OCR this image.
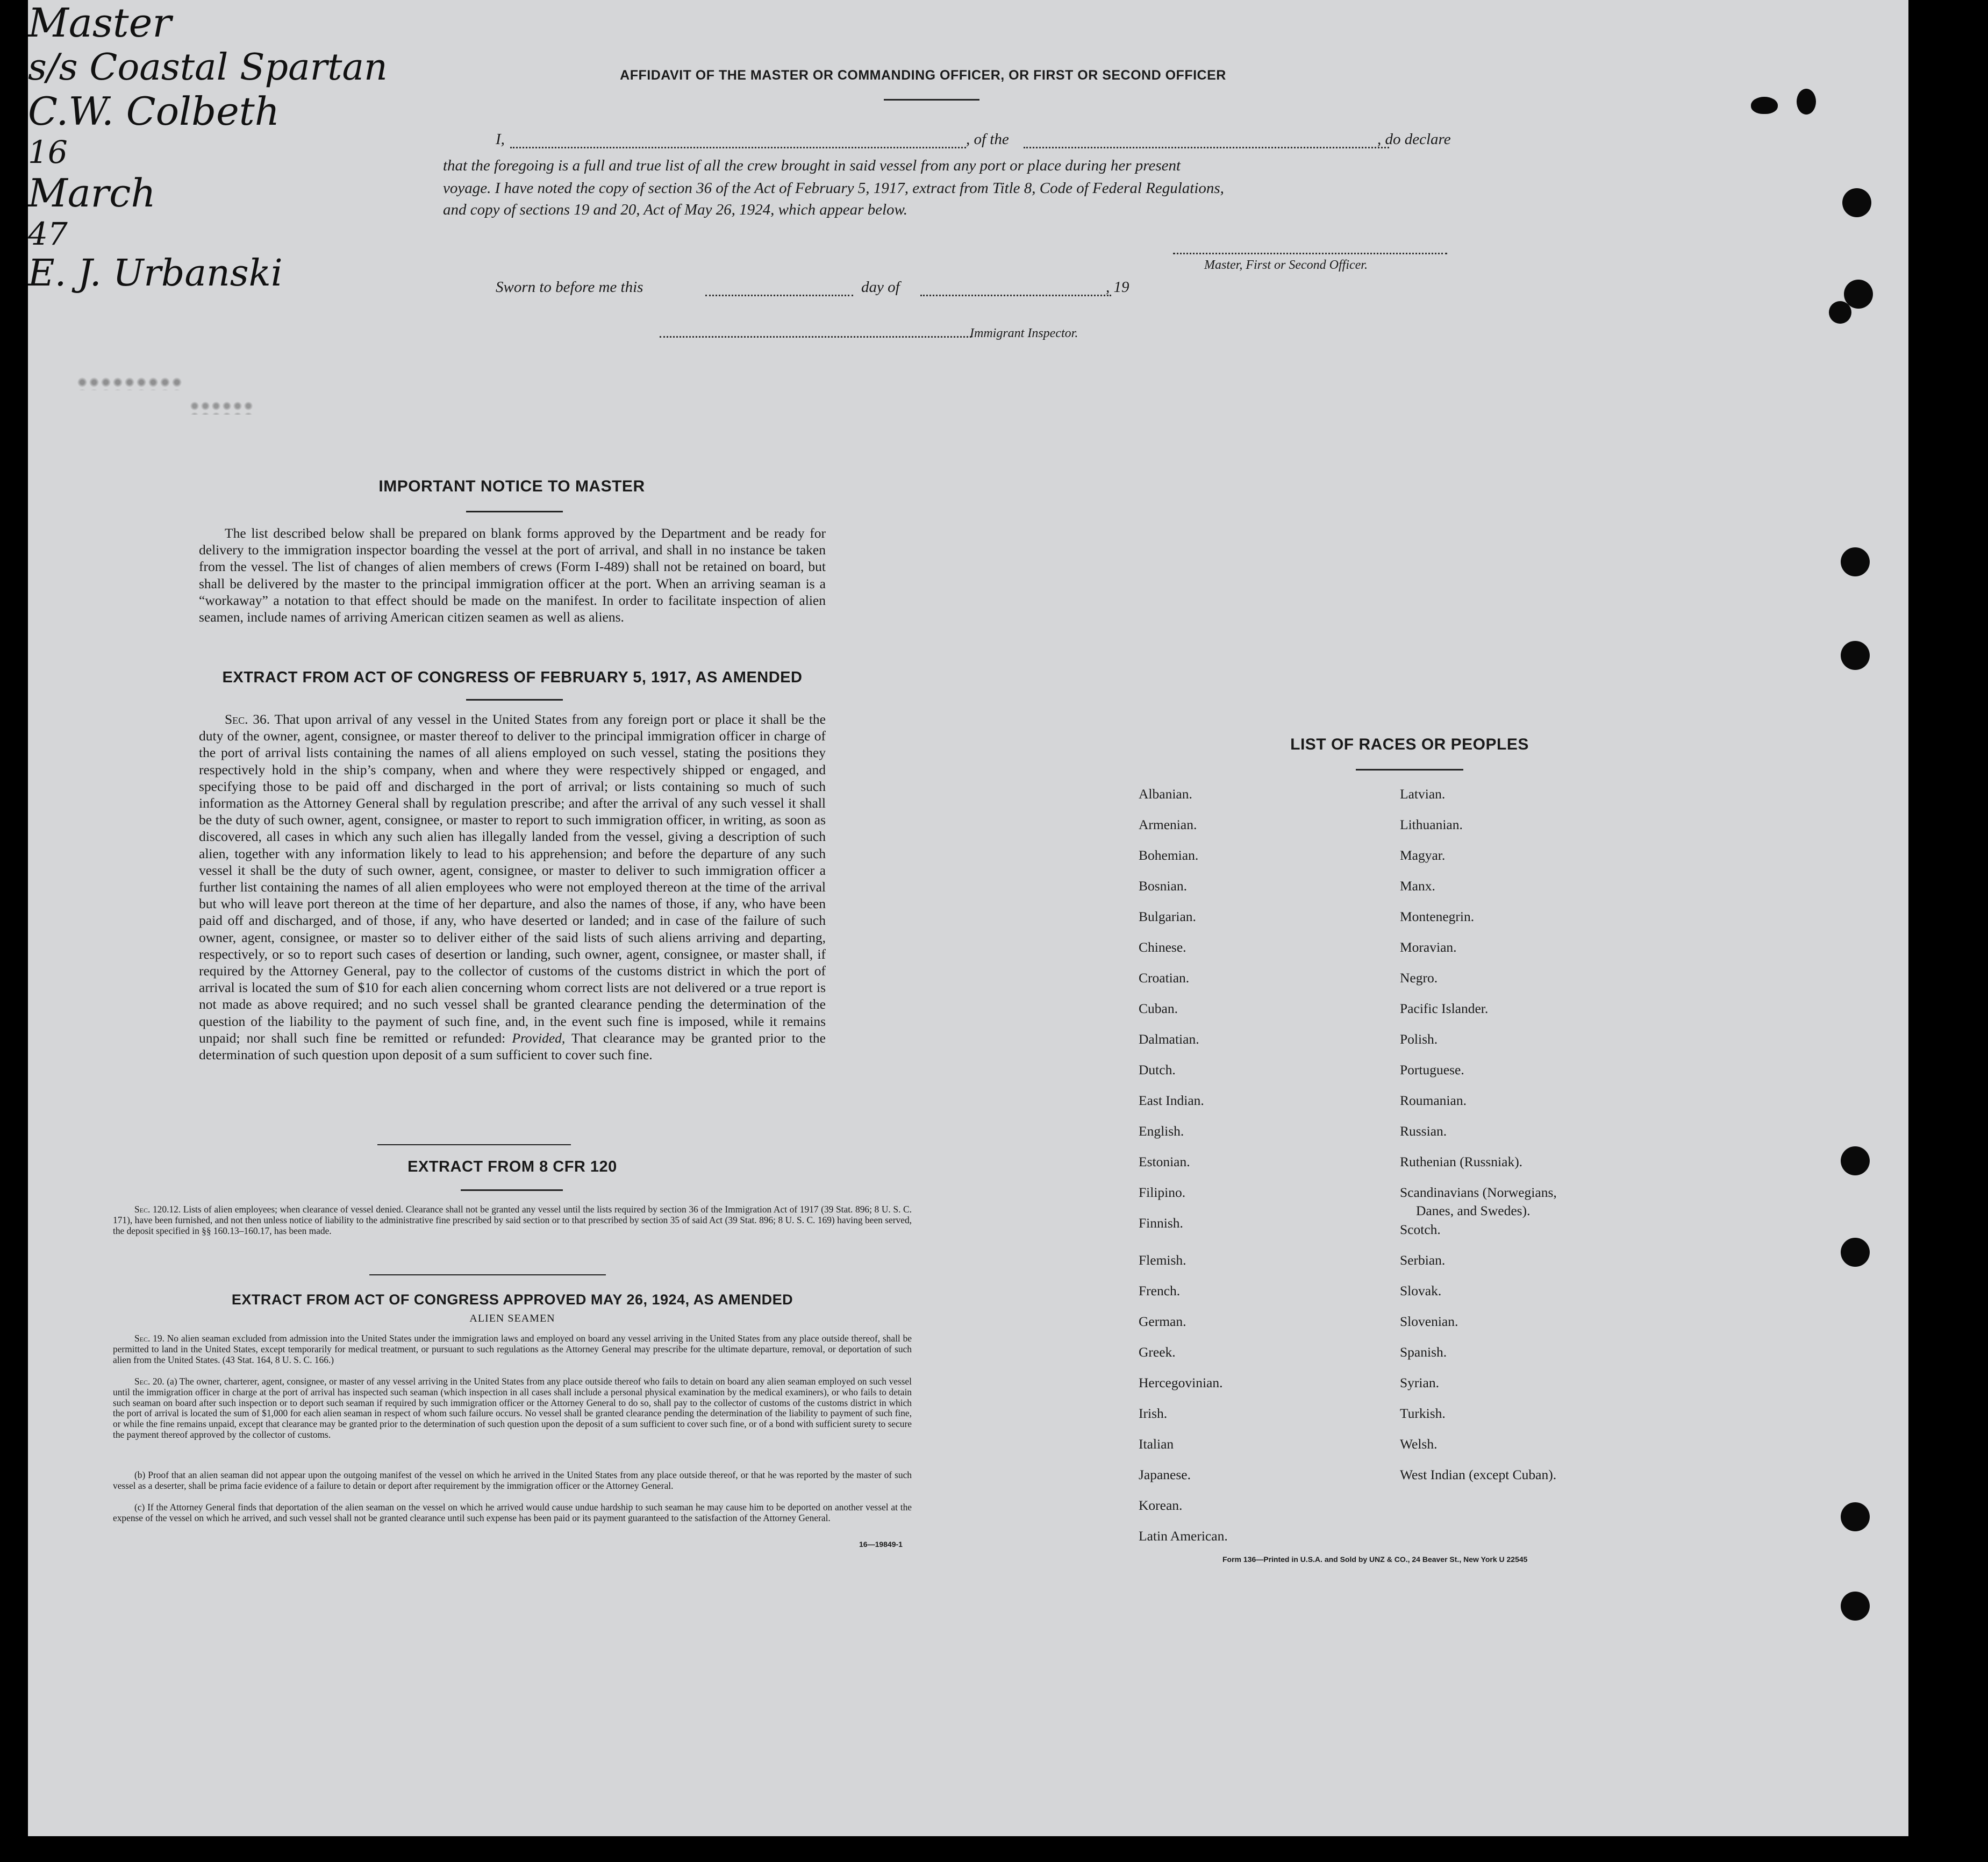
AFFIDAVIT OF THE MASTER OR COMMANDING OFFICER, OR FIRST OR SECOND OFFICER
I,
Master
, of the
s/s Coastal Spartan
, do declare
that the foregoing is a full and true list of all the crew brought in said vessel from any port or place during her present
voyage. I have noted the copy of section 36 of the Act of February 5, 1917, extract from Title 8, Code of Federal Regulations,
and copy of sections 19 and 20, Act of May 26, 1924, which appear below.
C.W. Colbeth
Master, First or Second Officer.
Sworn to before me this
16
day of
March
, 19
47
E. J. Urbanski
Immigrant Inspector.
IMPORTANT NOTICE TO MASTER
The list described below shall be prepared on blank forms approved by the Department and be ready for delivery to the immigration inspector boarding the vessel at the port of arrival, and shall in no instance be taken from the vessel. The list of changes of alien members of crews (Form I-489) shall not be retained on board, but shall be delivered by the master to the principal immigration officer at the port. When an arriving seaman is a “workaway” a notation to that effect should be made on the manifest. In order to facilitate inspection of alien seamen, include names of arriving American citizen seamen as well as aliens.
EXTRACT FROM ACT OF CONGRESS OF FEBRUARY 5, 1917, AS AMENDED
Sec. 36. That upon arrival of any vessel in the United States from any foreign port or place it shall be the duty of the owner, agent, consignee, or master thereof to deliver to the principal immigration officer in charge of the port of arrival lists containing the names of all aliens employed on such vessel, stating the positions they respectively hold in the ship’s company, when and where they were respectively shipped or engaged, and specifying those to be paid off and discharged in the port of arrival; or lists containing so much of such information as the Attorney General shall by regulation prescribe; and after the arrival of any such vessel it shall be the duty of such owner, agent, consignee, or master to report to such immigration officer, in writing, as soon as discovered, all cases in which any such alien has illegally landed from the vessel, giving a description of such alien, together with any information likely to lead to his apprehension; and before the departure of any such vessel it shall be the duty of such owner, agent, consignee, or master to deliver to such immigration officer a further list containing the names of all alien employees who were not employed thereon at the time of the arrival but who will leave port thereon at the time of her departure, and also the names of those, if any, who have been paid off and discharged, and of those, if any, who have deserted or landed; and in case of the failure of such owner, agent, consignee, or master so to deliver either of the said lists of such aliens arriving and departing, respectively, or so to report such cases of desertion or landing, such owner, agent, consignee, or master shall, if required by the Attorney General, pay to the collector of customs of the customs district in which the port of arrival is located the sum of $10 for each alien concerning whom correct lists are not delivered or a true report is not made as above required; and no such vessel shall be granted clearance pending the determination of the question of the liability to the payment of such fine, and, in the event such fine is imposed, while it remains unpaid; nor shall such fine be remitted or refunded: Provided, That clearance may be granted prior to the determination of such question upon deposit of a sum sufficient to cover such fine.
EXTRACT FROM 8 CFR 120
Sec. 120.12. Lists of alien employees; when clearance of vessel denied. Clearance shall not be granted any vessel until the lists required by section 36 of the Immigration Act of 1917 (39 Stat. 896; 8 U. S. C. 171), have been furnished, and not then unless notice of liability to the administrative fine prescribed by said section or to that prescribed by section 35 of said Act (39 Stat. 896; 8 U. S. C. 169) having been served, the deposit specified in §§ 160.13–160.17, has been made.
EXTRACT FROM ACT OF CONGRESS APPROVED MAY 26, 1924, AS AMENDED
ALIEN SEAMEN
Sec. 19. No alien seaman excluded from admission into the United States under the immigration laws and employed on board any vessel arriving in the United States from any place outside thereof, shall be permitted to land in the United States, except temporarily for medical treatment, or pursuant to such regulations as the Attorney General may prescribe for the ultimate departure, removal, or deportation of such alien from the United States. (43 Stat. 164, 8 U. S. C. 166.)
Sec. 20. (a) The owner, charterer, agent, consignee, or master of any vessel arriving in the United States from any place outside thereof who fails to detain on board any alien seaman employed on such vessel until the immigration officer in charge at the port of arrival has inspected such seaman (which inspection in all cases shall include a personal physical examination by the medical examiners), or who fails to detain such seaman on board after such inspection or to deport such seaman if required by such immigration officer or the Attorney General to do so, shall pay to the collector of customs of the customs district in which the port of arrival is located the sum of $1,000 for each alien seaman in respect of whom such failure occurs. No vessel shall be granted clearance pending the determination of the liability to payment of such fine, or while the fine remains unpaid, except that clearance may be granted prior to the determination of such question upon the deposit of a sum sufficient to cover such fine, or of a bond with sufficient surety to secure the payment thereof approved by the collector of customs.
(b) Proof that an alien seaman did not appear upon the outgoing manifest of the vessel on which he arrived in the United States from any place outside thereof, or that he was reported by the master of such vessel as a deserter, shall be prima facie evidence of a failure to detain or deport after requirement by the immigration officer or the Attorney General.
(c) If the Attorney General finds that deportation of the alien seaman on the vessel on which he arrived would cause undue hardship to such seaman he may cause him to be deported on another vessel at the expense of the vessel on which he arrived, and such vessel shall not be granted clearance until such expense has been paid or its payment guaranteed to the satisfaction of the Attorney General.
16—19849-1
LIST OF RACES OR PEOPLES
Form 136—Printed in U.S.A. and Sold by UNZ & CO., 24 Beaver St., New York U 22545
Albanian.
Armenian.
Bohemian.
Bosnian.
Bulgarian.
Chinese.
Croatian.
Cuban.
Dalmatian.
Dutch.
East Indian.
English.
Estonian.
Filipino.
Finnish.
Flemish.
French.
German.
Greek.
Hercegovinian.
Irish.
Italian
Japanese.
Korean.
Latin American.
Latvian.
Lithuanian.
Magyar.
Manx.
Montenegrin.
Moravian.
Negro.
Pacific Islander.
Polish.
Portuguese.
Roumanian.
Russian.
Ruthenian (Russniak).
Scandinavians (Norwegians,
Danes, and Swedes).
Scotch.
Serbian.
Slovak.
Slovenian.
Spanish.
Syrian.
Turkish.
Welsh.
West Indian (except Cuban).
